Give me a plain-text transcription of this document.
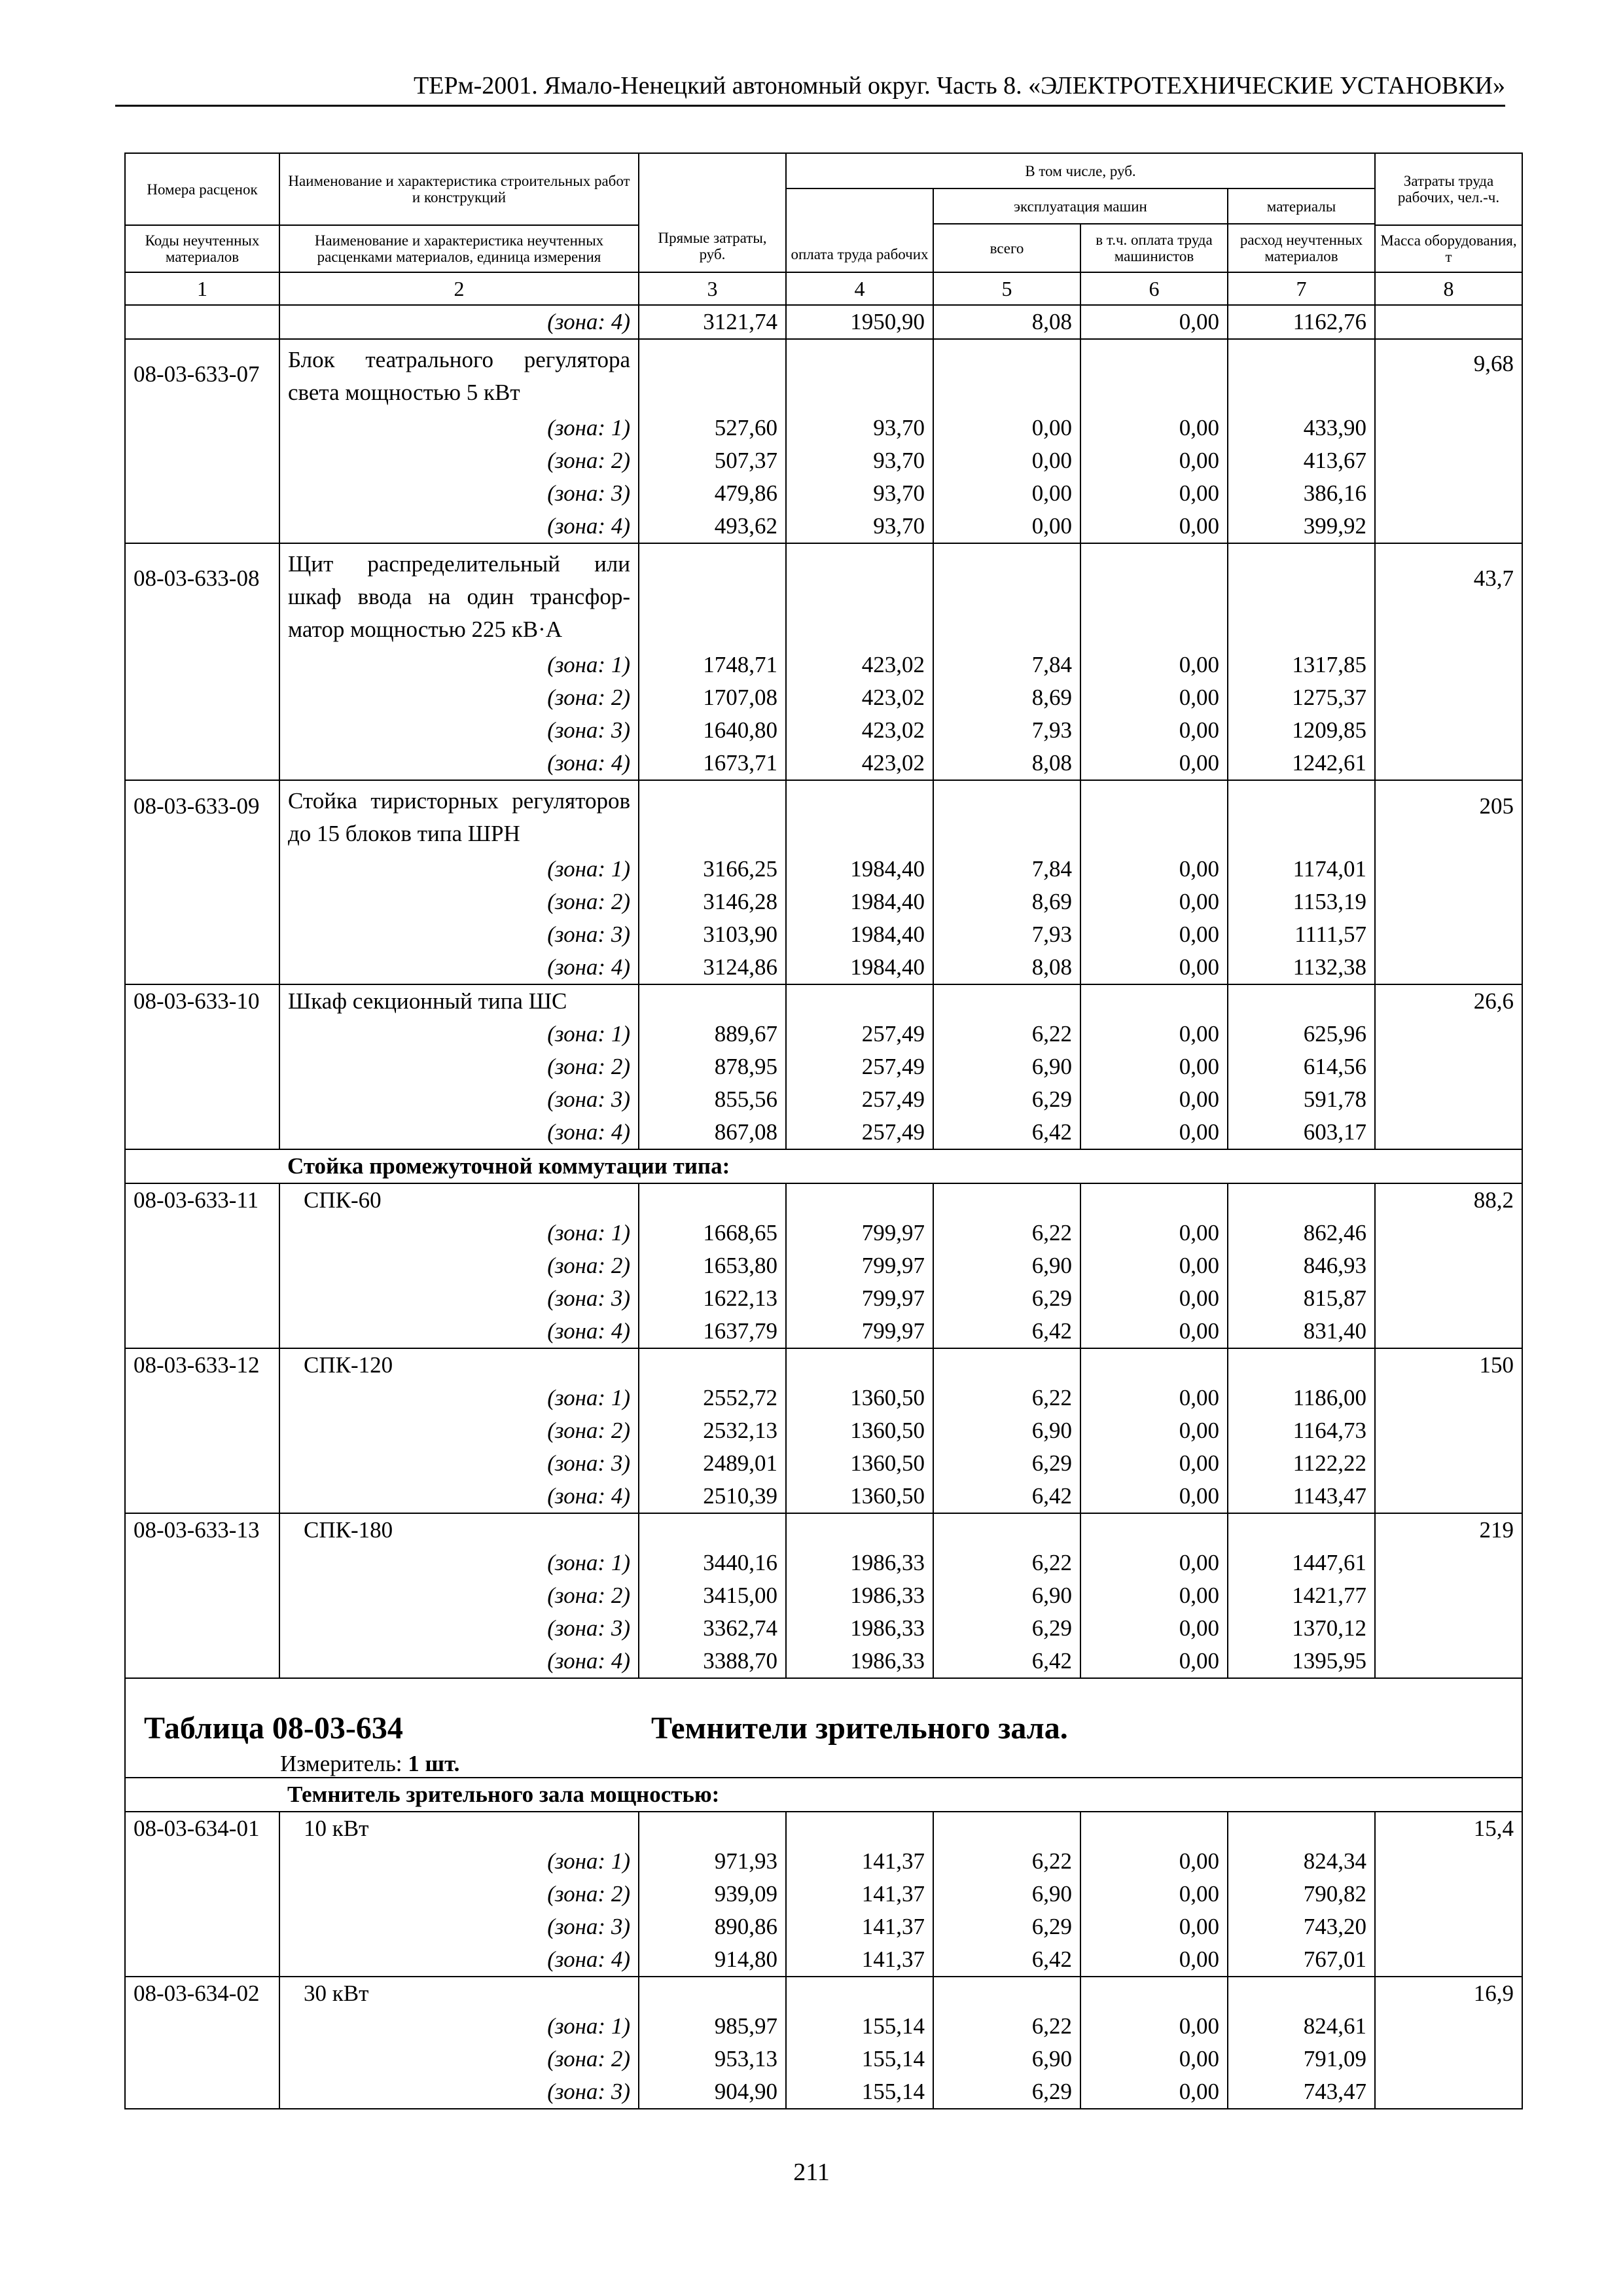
ТЕРм-2001. Ямало-Ненецкий автономный округ. Часть 8. «ЭЛЕКТРОТЕХНИЧЕСКИЕ УСТАНОВКИ»
Номера расценок	Наименование и характеристика строительных работ и конструкций	Прямые затраты, руб.	В том числе, руб.				Затраты труда рабочих, чел.-ч.
			оплата труда рабочих	эксплуатация машин		материалы	
				всего	в т.ч. оплата труда машинистов	расход неучтенных материалов	
Коды неучтенных материалов	Наименование и характеристика неучтенных расценками материалов, единица измерения						Масса оборудования, т
1	2	3	4	5	6	7	8
	(зона: 4)	3121,74	1950,90	8,08	0,00	1162,76	
08-03-633-07	Блок театрального регулятора света мощностью 5 кВт						9,68
	(зона: 1)	527,60	93,70	0,00	0,00	433,90	
	(зона: 2)	507,37	93,70	0,00	0,00	413,67	
	(зона: 3)	479,86	93,70	0,00	0,00	386,16	
	(зона: 4)	493,62	93,70	0,00	0,00	399,92	
08-03-633-08	Щит распределительный или шкаф ввода на один трансформатор мощностью 225 кВ·А						43,7
	(зона: 1)	1748,71	423,02	7,84	0,00	1317,85	
	(зона: 2)	1707,08	423,02	8,69	0,00	1275,37	
	(зона: 3)	1640,80	423,02	7,93	0,00	1209,85	
	(зона: 4)	1673,71	423,02	8,08	0,00	1242,61	
08-03-633-09	Стойка тиристорных регуляторов до 15 блоков типа ШРН						205
	(зона: 1)	3166,25	1984,40	7,84	0,00	1174,01	
	(зона: 2)	3146,28	1984,40	8,69	0,00	1153,19	
	(зона: 3)	3103,90	1984,40	7,93	0,00	1111,57	
	(зона: 4)	3124,86	1984,40	8,08	0,00	1132,38	
08-03-633-10	Шкаф секционный типа ШС						26,6
	(зона: 1)	889,67	257,49	6,22	0,00	625,96	
	(зона: 2)	878,95	257,49	6,90	0,00	614,56	
	(зона: 3)	855,56	257,49	6,29	0,00	591,78	
	(зона: 4)	867,08	257,49	6,42	0,00	603,17	
	Стойка промежуточной коммутации типа:						
08-03-633-11	СПК-60						88,2
	(зона: 1)	1668,65	799,97	6,22	0,00	862,46	
	(зона: 2)	1653,80	799,97	6,90	0,00	846,93	
	(зона: 3)	1622,13	799,97	6,29	0,00	815,87	
	(зона: 4)	1637,79	799,97	6,42	0,00	831,40	
08-03-633-12	СПК-120						150
	(зона: 1)	2552,72	1360,50	6,22	0,00	1186,00	
	(зона: 2)	2532,13	1360,50	6,90	0,00	1164,73	
	(зона: 3)	2489,01	1360,50	6,29	0,00	1122,22	
	(зона: 4)	2510,39	1360,50	6,42	0,00	1143,47	
08-03-633-13	СПК-180						219
	(зона: 1)	3440,16	1986,33	6,22	0,00	1447,61	
	(зона: 2)	3415,00	1986,33	6,90	0,00	1421,77	
	(зона: 3)	3362,74	1986,33	6,29	0,00	1370,12	
	(зона: 4)	3388,70	1986,33	6,42	0,00	1395,95	

Таблица 08-03-634 Темнители зрительного зала.
Измеритель: 1 шт.							

	Темнитель зрительного зала мощностью:						
08-03-634-01	10 кВт						15,4
	(зона: 1)	971,93	141,37	6,22	0,00	824,34	
	(зона: 2)	939,09	141,37	6,90	0,00	790,82	
	(зона: 3)	890,86	141,37	6,29	0,00	743,20	
	(зона: 4)	914,80	141,37	6,42	0,00	767,01	
08-03-634-02	30 кВт						16,9
	(зона: 1)	985,97	155,14	6,22	0,00	824,61	
	(зона: 2)	953,13	155,14	6,90	0,00	791,09	
	(зона: 3)	904,90	155,14	6,29	0,00	743,47	
211
